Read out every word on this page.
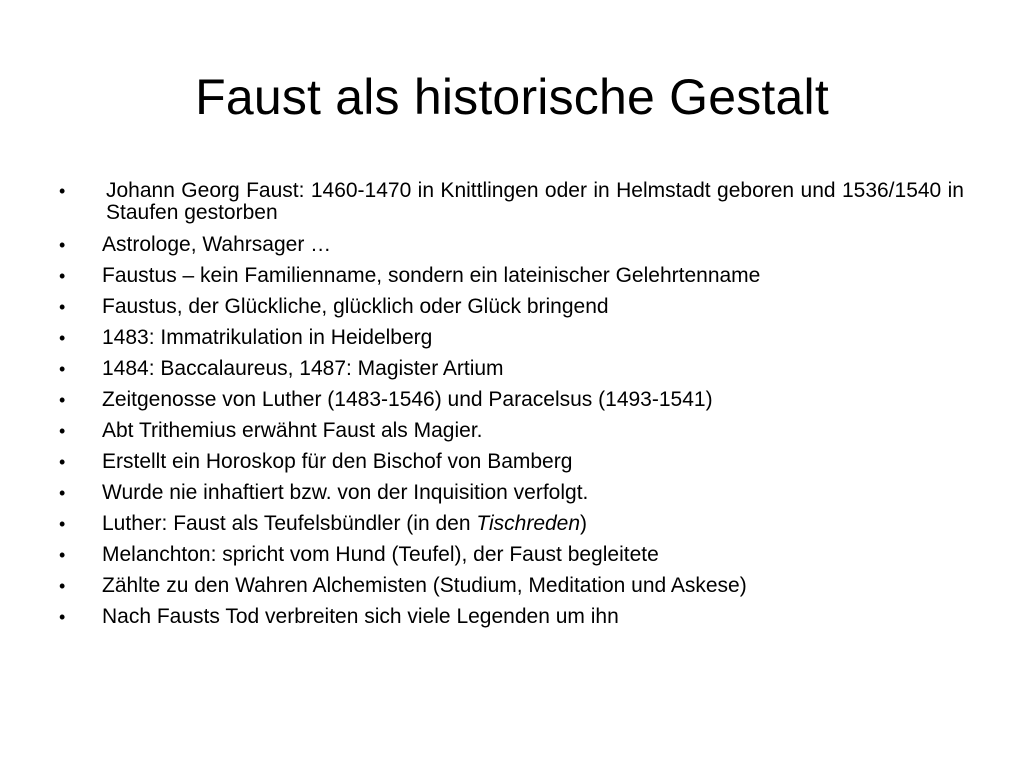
Faust als historische Gestalt
• Johann Georg Faust: 1460-1470 in Knittlingen oder in Helmstadt geboren und 1536/1540 in Staufen gestorben
• Astrologe, Wahrsager …
• Faustus – kein Familienname, sondern ein lateinischer Gelehrtenname
• Faustus, der Glückliche, glücklich oder Glück bringend
• 1483: Immatrikulation in Heidelberg
• 1484: Baccalaureus, 1487: Magister Artium
• Zeitgenosse von Luther (1483-1546) und Paracelsus (1493-1541)
• Abt Trithemius erwähnt Faust als Magier.
• Erstellt ein Horoskop für den Bischof von Bamberg
• Wurde nie inhaftiert bzw. von der Inquisition verfolgt.
• Luther: Faust als Teufelsbündler (in den Tischreden)
• Melanchton: spricht vom Hund (Teufel), der Faust begleitete
• Zählte zu den Wahren Alchemisten (Studium, Meditation und Askese)
• Nach Fausts Tod verbreiten sich viele Legenden um ihn
